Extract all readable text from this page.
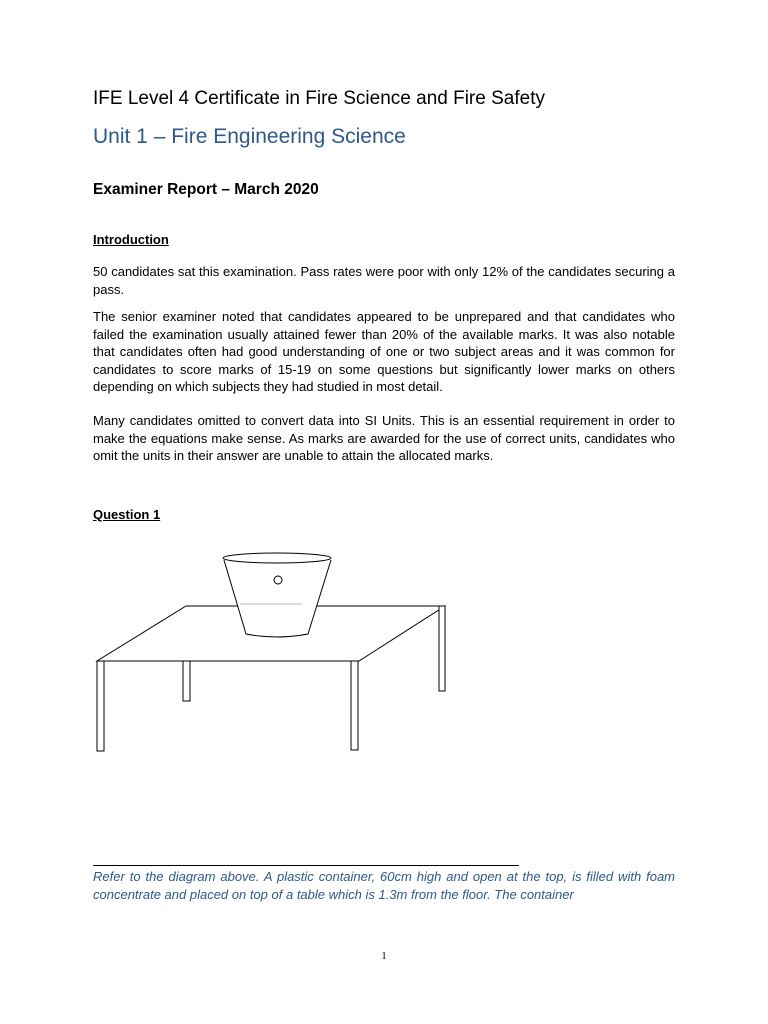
IFE Level 4 Certificate in Fire Science and Fire Safety
Unit 1 – Fire Engineering Science
Examiner Report – March 2020

Introduction

50 candidates sat this examination. Pass rates were poor with only 12% of the candidates securing a pass.

The senior examiner noted that candidates appeared to be unprepared and that candidates who failed the examination usually attained fewer than 20% of the available marks. It was also notable that candidates often had good understanding of one or two subject areas and it was common for candidates to score marks of 15-19 on some questions but significantly lower marks on others depending on which subjects they had studied in most detail.

Many candidates omitted to convert data into SI Units. This is an essential requirement in order to make the equations make sense. As marks are awarded for the use of correct units, candidates who omit the units in their answer are unable to attain the allocated marks.

Question 1

Refer to the diagram above. A plastic container, 60cm high and open at the top, is filled with foam concentrate and placed on top of a table which is 1.3m from the floor. The container

1
